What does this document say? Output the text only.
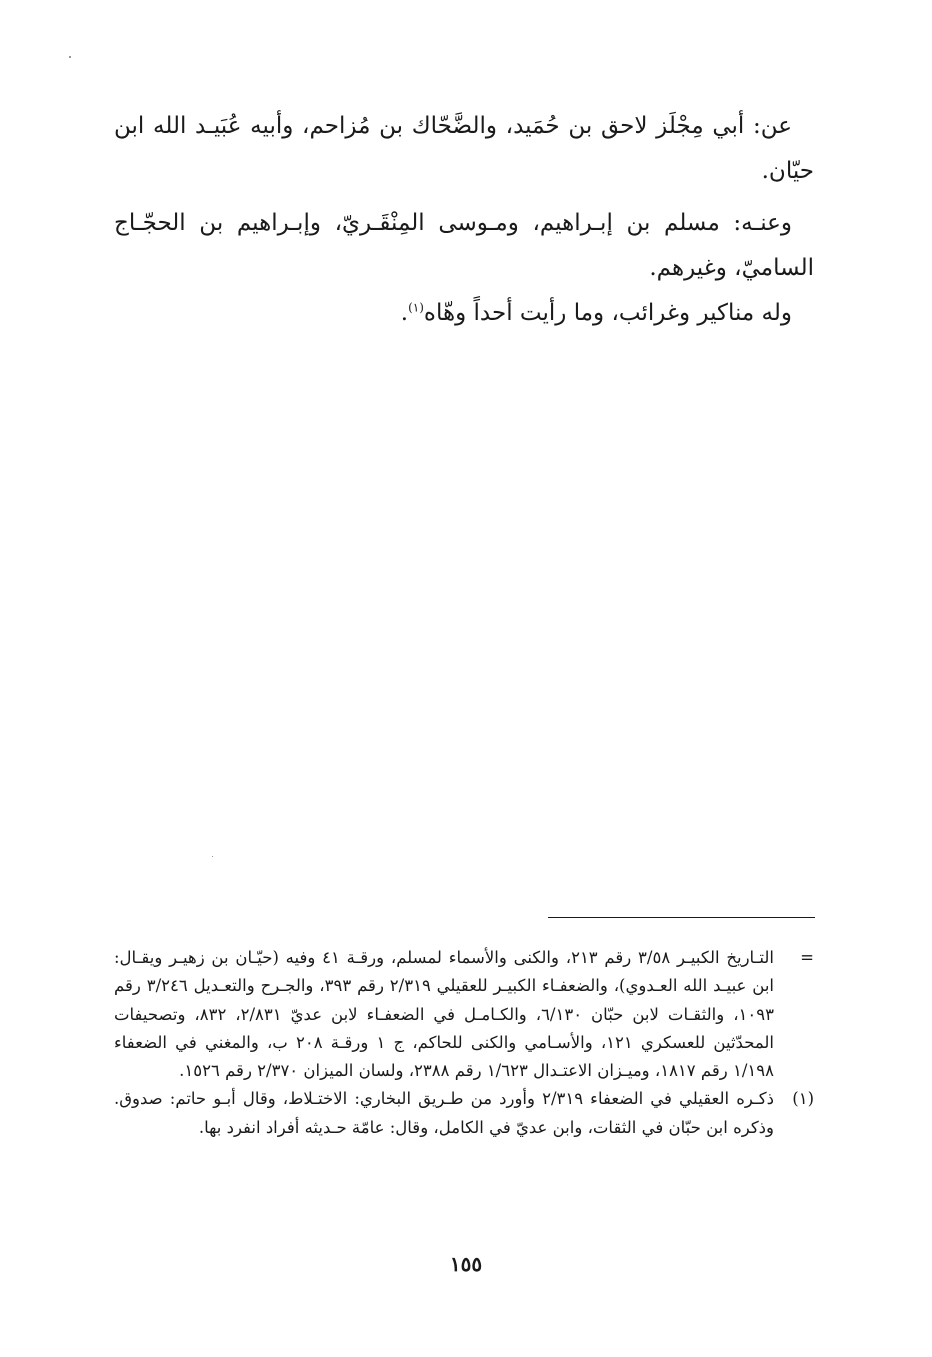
عن: أبي مِجْلَز لاحق بن حُمَيد، والضَّحّاك بن مُزاحم، وأبيه عُبَيـد الله ابن حيّان.

وعنـه: مسلم بن إبـراهيم، ومـوسى المِنْقَـريّ، وإبـراهيم بن الحجّـاج الساميّ، وغيرهم.

وله مناكير وغرائب، وما رأيت أحداً وهّاه$^{(١)}$.

=
التـاريخ الكبيـر ٣/٥٨ رقم ٢١٣، والكنى والأسماء لمسلم، ورقـة ٤١ وفيه (حيّـان بن زهيـر ويقـال: ابن عبيـد الله العـدوي)، والضعفـاء الكبيـر للعقيلي ٢/٣١٩ رقم ٣٩٣، والجـرح والتعـديل ٣/٢٤٦ رقم ١٠٩٣، والثقـات لابن حبّان ٦/١٣٠، والكـامـل في الضعفـاء لابن عديّ ٢/٨٣١، ٨٣٢، وتصحيفات المحدّثين للعسكري ١٢١، والأسـامي والكنى للحاكم، ج ١ ورقـة ٢٠٨ ب، والمغني في الضعفاء ١/١٩٨ رقم ١٨١٧، وميـزان الاعتـدال ١/٦٢٣ رقم ٢٣٨٨، ولسان الميزان ٢/٣٧٠ رقم ١٥٢٦.
(١)
ذكـره العقيلي في الضعفاء ٢/٣١٩ وأورد من طـريق البخاري: الاختـلاط، وقال أبـو حاتم: صدوق. وذكره ابن حبّان في الثقات، وابن عديّ في الكامل، وقال: عامّة حـديثه أفراد انفرد بها.
١٥٥
